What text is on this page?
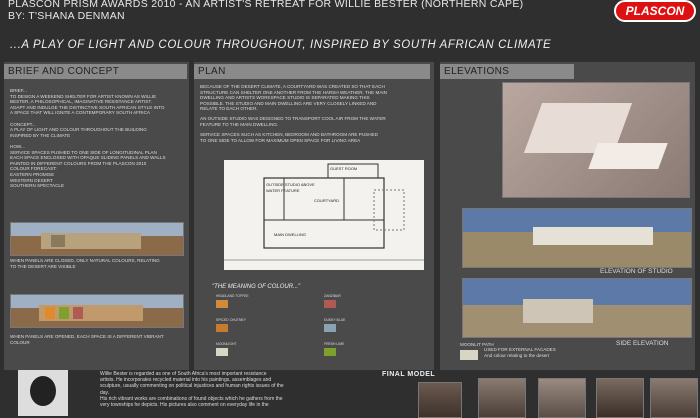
PLASCON PRISM AWARDS 2010 - AN ARTIST'S RETREAT FOR WILLIE BESTER (NORTHERN CAPE)
BY: T'SHANA DENMAN	PLASCON
...A PLAY OF LIGHT AND COLOUR THROUGHOUT, INSPIRED BY SOUTH AFRICAN CLIMATE
BRIEF AND CONCEPT
BRIEF...
TO DESIGN A WEEKEND SHELTER FOR ARTIST KNOWN AS WILLIE
BESTER, A PHILOSOPHICAL, IMAGINATIVE RESISTANCE ARTIST.
ADAPT AND INDULGE THE DISTINCTIVE SOUTH AFRICAN STYLE INTO
A SPACE THAT WILL IGNITE A CONTEMPORARY SOUTH AFRICA

CONCEPT...
A PLAY OF LIGHT AND COLOUR THROUGHOUT THE BUILDING
INSPIRED BY THE CLIMATE

HOW...
SERVICE SPACES PUSHED TO ONE SIDE OF LONGITUDINAL PLAN
EACH SPACE ENCLOSED WITH OPAQUE SLIDING PANELS AND WALLS
PAINTED IN DIFFERENT COLOURS FROM THE PLASCON 2010
COLOUR FORECAST:
EASTERN PROMISE
WESTERN DESERT
SOUTHERN SPECTACLE
WHEN PANELS ARE CLOSED, ONLY NATURAL COLOURS, RELATING
TO THE DESERT ARE VISIBLE
WHEN PANELS ARE OPENED, EACH SPACE IS A DIFFERENT VIBRANT
COLOUR
PLAN
BECAUSE OF THE DESERT CLIMATE, A COURTYARD WAS CREATED SO THAT EACH
STRUCTURE CAN SHELTER ONE ANOTHER FROM THE HARSH WEATHER. THE MAIN
DWELLING AND ARTISTS WORKSPACE STUDIO IS SEPARATED MAKING THIS
POSSIBLE. THE STUDIO AND MAIN DWELLING ARE VERY CLOSELY LINKED AND
RELATE TO EACH OTHER.
AN OUTSIDE STUDIO WAS DESIGNED TO TRANSPORT COOL AIR FROM THE WATER
FEATURE TO THE MAIN DWELLING.
SERVICE SPACES SUCH AS KITCHEN, BEDROOM AND BATHROOM ARE PUSHED
TO ONE SIDE TO ALLOW FOR MAXIMUM OPEN SPACE FOR LIVING AREA
GUEST ROOM
OUTSIDE STUDIO ABOVE
WATER FEATURE
COURTYARD
MAIN DWELLING
"THE MEANING OF COLOUR..."
HEADLAND TOFFEE
SPICED CHUTNEY
MOONLIGHT
ZANZIBAR
DUSKY BLUE
FRESH LIME
ELEVATIONS
ELEVATION OF STUDIO
MOONLIT PATH
USED FOR EXTERNAL FACADES
And colour relating to the desert
SIDE ELEVATION
Willie Bester is regarded as one of South Africa's most important resistance
artists. He incorporates recycled material into his paintings, assemblages and
sculpture, usually commenting on political injustices and human rights issues of the
day.
His rich vibrant works are combinations of found objects which he gathers from the
very townships he depicts. His pictures also comment on everyday life in the
FINAL MODEL
